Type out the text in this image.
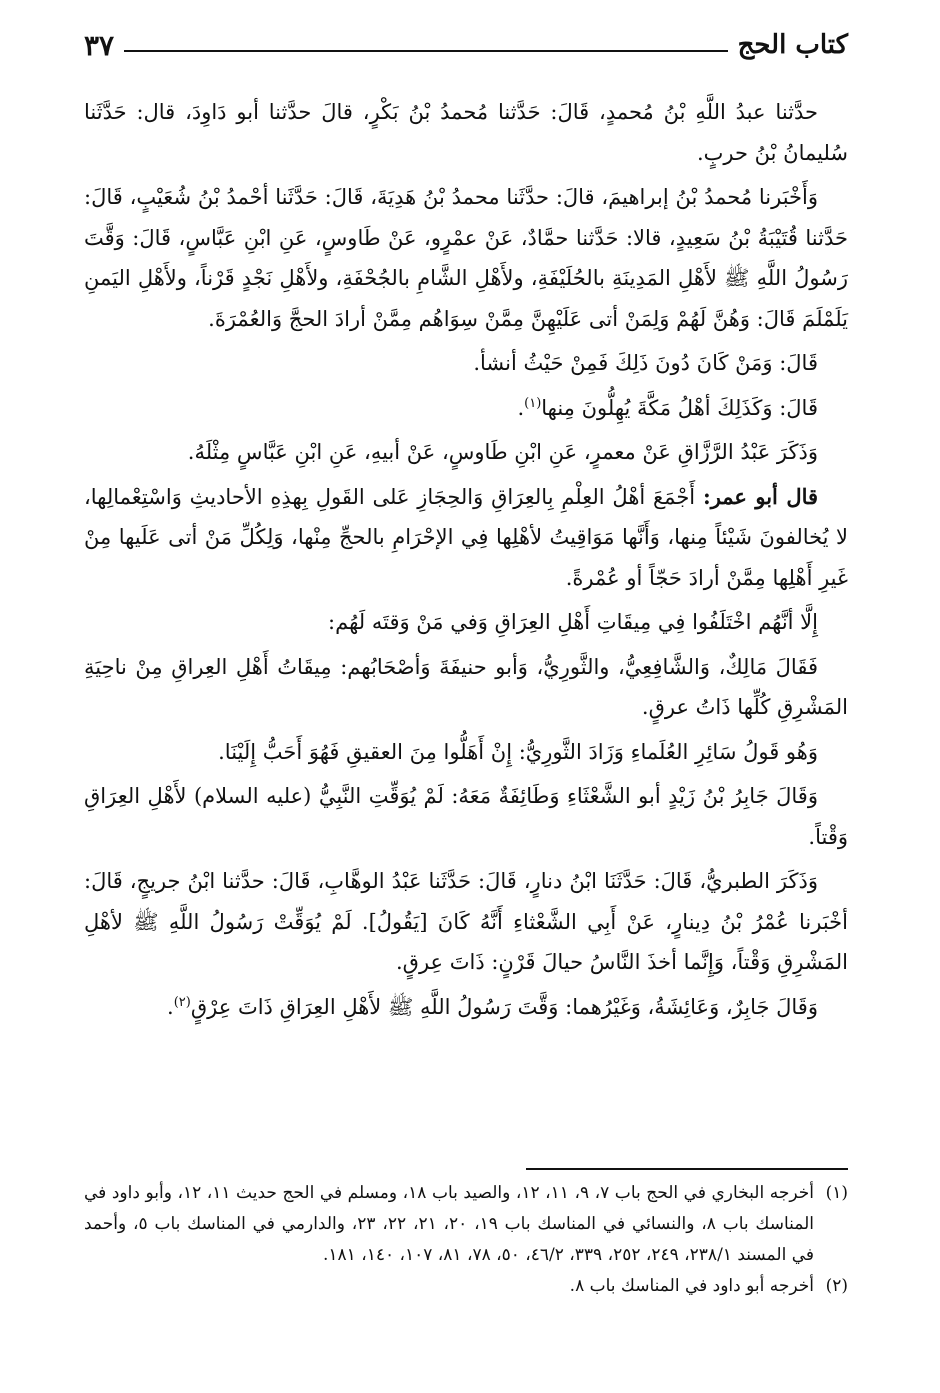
كتاب الحج
٣٧

حدَّثنا عبدُ اللَّهِ بْنُ مُحمدٍ، قَالَ: حَدَّثنا مُحمدُ بْنُ بَكْرٍ، قالَ حدَّثنا أبو دَاوِدَ، قال: حَدَّثَنا سُليمانُ بْنُ حربٍ.

وَأَخْبَرنا مُحمدُ بْنُ إبراهيمَ، قالَ: حدَّثَنا محمدُ بْنُ هَدِيَةَ، قَالَ: حَدَّثَنا أحْمدُ بْنُ شُعَيْبٍ، قَالَ: حَدَّثنا قُتَيْبَةُ بْنُ سَعِيدٍ، قالا: حَدَّثنا حمَّادٌ، عَنْ عمْرٍو، عَنْ طَاوسٍ، عَنِ ابْنِ عَبَّاسٍ، قَالَ: وَقَّتَ رَسُولُ اللَّهِ ﷺ لأَهْلِ المَدِينَةِ بالحُلَيْفَةِ، ولأَهْلِ الشَّامِ بالجُحْفَةِ، ولأَهْلِ نَجْدٍ قَرْناً، ولأَهْلِ اليَمنِ يَلَمْلَمَ قَالَ: وَهُنَّ لَهُمْ وَلِمَنْ أتى عَلَيْهِنَّ مِمَّنْ سِوَاهُم مِمَّنْ أرادَ الحجَّ وَالعُمْرَةَ.

قَالَ: وَمَنْ كَانَ دُونَ ذَلِكَ فَمِنْ حَيْثُ أنشأ.

قَالَ: وَكَذَلِكَ أهْلُ مَكَّةَ يُهِلُّونَ مِنها$^{(١)}$.

وَذَكَرَ عَبْدُ الرَّزَّاقِ عَنْ معمرٍ، عَنِ ابْنِ طَاوسٍ، عَنْ أبيهِ، عَنِ ابْنِ عَبَّاسٍ مِثْلَهُ.

قال أبو عمر: أَجْمَعَ أهْلُ العِلْمِ بِالعِرَاقِ وَالحِجَازِ عَلى القَولِ بِهذِهِ الأحاديثِ وَاسْتِعْمالِها، لا يُخالفونَ شَيْئاً مِنها، وَأَنَّها مَوَاقِيتُ لأهْلِها فِي الإحْرَامِ بالحجِّ مِنْها، وَلِكُلِّ مَنْ أتى عَلَيها مِنْ غَيرِ أَهْلِها مِمَّنْ أرادَ حَجّاً أو عُمْرةً.

إِلَّا أنَّهُم اخْتَلَفُوا فِي مِيقَاتِ أَهْلِ العِرَاقِ وَفي مَنْ وَقتَه لَهُم:

فَقَالَ مَالِكٌ، وَالشَّافِعِيُّ، والثَّورِيُّ، وَأبو حنيفَةَ وَأصْحَابُهم: مِيقَاتُ أَهْلِ العِراقِ مِنْ ناحِيَةِ المَشْرِقِ كُلِّها ذَاتُ عرقٍ.

وَهُو قَولُ سَائِرِ العُلَماءِ وَزَادَ الثَّورِيُّ: إِنْ أَهَلُّوا مِنَ العقيقِ فَهُوَ أَحَبُّ إِلَيْنَا.

وَقَالَ جَابِرُ بْنُ زَيْدٍ أبو الشَّعْثَاءِ وَطَائِفَةٌ مَعَهُ: لَمْ يُوَقِّتِ النَّبِيُّ (عليه السلام) لأَهْلِ العِرَاقِ وَقْتاً.

وَذَكَرَ الطبريُّ، قَالَ: حَدَّثَنَا ابْنُ دنارٍ، قَالَ: حَدَّثَنا عَبْدُ الوهَّابِ، قَالَ: حدَّثنا ابْنُ جريجٍ، قَالَ: أخْبَرنا عُمْرُ بْنُ دِينارٍ، عَنْ أَبِي الشَّعْثاءِ أَنَّهُ كَانَ [يَقُولُ]. لَمْ يُوَقِّتْ رَسُولُ اللَّهِ ﷺ لأهْلِ المَشْرِقِ وَقْتاً، وَإِنَّما أخذَ النَّاسُ حيالَ قَرْنٍ: ذَاتَ عِرقٍ.

وَقَالَ جَابِرٌ، وَعَائِشَةُ، وَغَيْرُهما: وَقَّتَ رَسُولُ اللَّهِ ﷺ لأَهْلِ العِرَاقِ ذَاتَ عِرْقٍ$^{(٢)}$.

(١)
أخرجه البخاري في الحج باب ٧، ٩، ١١، ١٢، والصيد باب ١٨، ومسلم في الحج حديث ١١، ١٢، وأبو داود في المناسك باب ٨، والنسائي في المناسك باب ١٩، ٢٠، ٢١، ٢٢، ٢٣، والدارمي في المناسك باب ٥، وأحمد في المسند ٢٣٨/١، ٢٤٩، ٢٥٢، ٣٣٩، ٤٦/٢، ٥٠، ٧٨، ٨١، ١٠٧، ١٤٠، ١٨١.
(٢)
أخرجه أبو داود في المناسك باب ٨.
